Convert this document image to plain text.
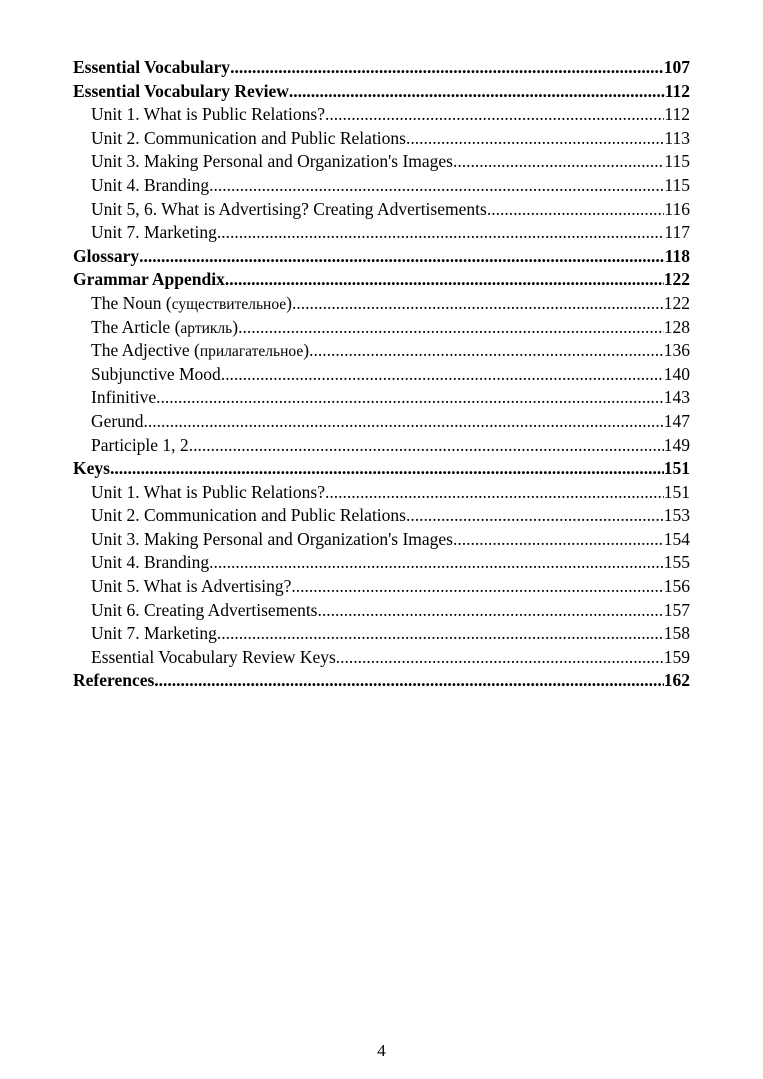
Essential Vocabulary .....	107
Essential Vocabulary Review .....	112
Unit 1. What is Public Relations? .....	112
Unit 2. Communication and Public Relations .....	113
Unit 3. Making Personal and Organization's Images .....	115
Unit 4. Branding .....	115
Unit 5, 6. What is Advertising? Creating Advertisements .....	116
Unit 7. Marketing .....	117
Glossary .....	118
Grammar Appendix .....	122
The Noun (существительное) .....	122
The Article (артикль) .....	128
The Adjective (прилагательное) .....	136
Subjunctive Mood .....	140
Infinitive .....	143
Gerund .....	147
Participle 1, 2 .....	149
Keys .....	151
Unit 1. What is Public Relations? .....	151
Unit 2. Communication and Public Relations .....	153
Unit 3. Making Personal and Organization's Images .....	154
Unit 4. Branding .....	155
Unit 5. What is Advertising? .....	156
Unit 6. Creating Advertisements .....	157
Unit 7. Marketing .....	158
Essential Vocabulary Review Keys .....	159
References .....	162
4
